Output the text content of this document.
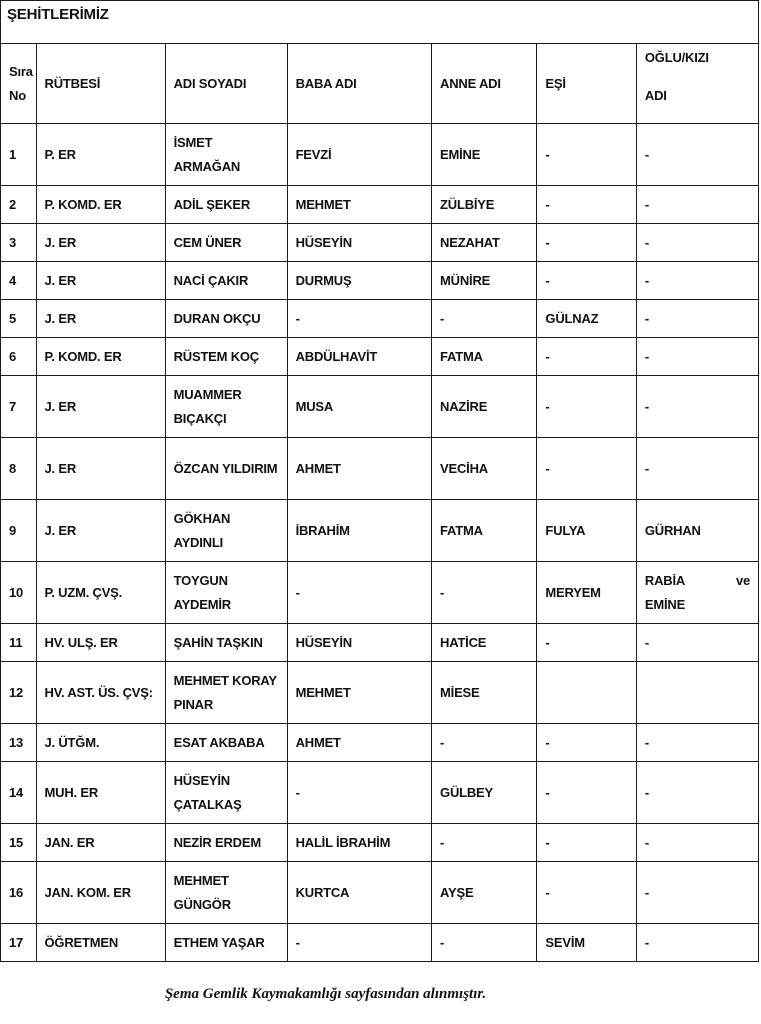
ŞEHİTLERİMİZ						

Sıra
No	RÜTBESİ	ADI SOYADI	BABA ADI	ANNE ADI	EŞİ	OĞLU/KIZI
ADI

1	P. ER	İSMET ARMAĞAN	FEVZİ	EMİNE	-	-

2	P. KOMD. ER	ADİL ŞEKER	MEHMET	ZÜLBİYE	-	-

3	J. ER	CEM ÜNER	HÜSEYİN	NEZAHAT	-	-

4	J. ER	NACİ ÇAKIR	DURMUŞ	MÜNİRE	-	-

5	J. ER	DURAN OKÇU	-	-	GÜLNAZ	-

6	P. KOMD. ER	RÜSTEM KOÇ	ABDÜLHAVİT	FATMA	-	-

7	J. ER	MUAMMER BIÇAKÇI	MUSA	NAZİRE	-	-

8	J. ER	ÖZCAN YILDIRIM	AHMET	VECİHA	-	-

9	J. ER	GÖKHAN AYDINLI	İBRAHİM	FATMA	FULYA	GÜRHAN

10	P. UZM. ÇVŞ.	TOYGUN AYDEMİR	-	-	MERYEM	RABİA ve
EMİNE

11	HV. ULŞ. ER	ŞAHİN TAŞKIN	HÜSEYİN	HATİCE	-	-

12	HV. AST. ÜS. ÇVŞ:	MEHMET KORAY PINAR	MEHMET	MİESE		

13	J. ÜTĞM.	ESAT AKBABA	AHMET	-	-	-

14	MUH. ER	HÜSEYİN ÇATALKAŞ	-	GÜLBEY	-	-

15	JAN. ER	NEZİR ERDEM	HALİL İBRAHİM	-	-	-

16	JAN. KOM. ER	MEHMET GÜNGÖR	KURTCA	AYŞE	-	-

17	ÖĞRETMEN	ETHEM YAŞAR	-	-	SEVİM	-
Şema Gemlik Kaymakamlığı sayfasından alınmıştır.
